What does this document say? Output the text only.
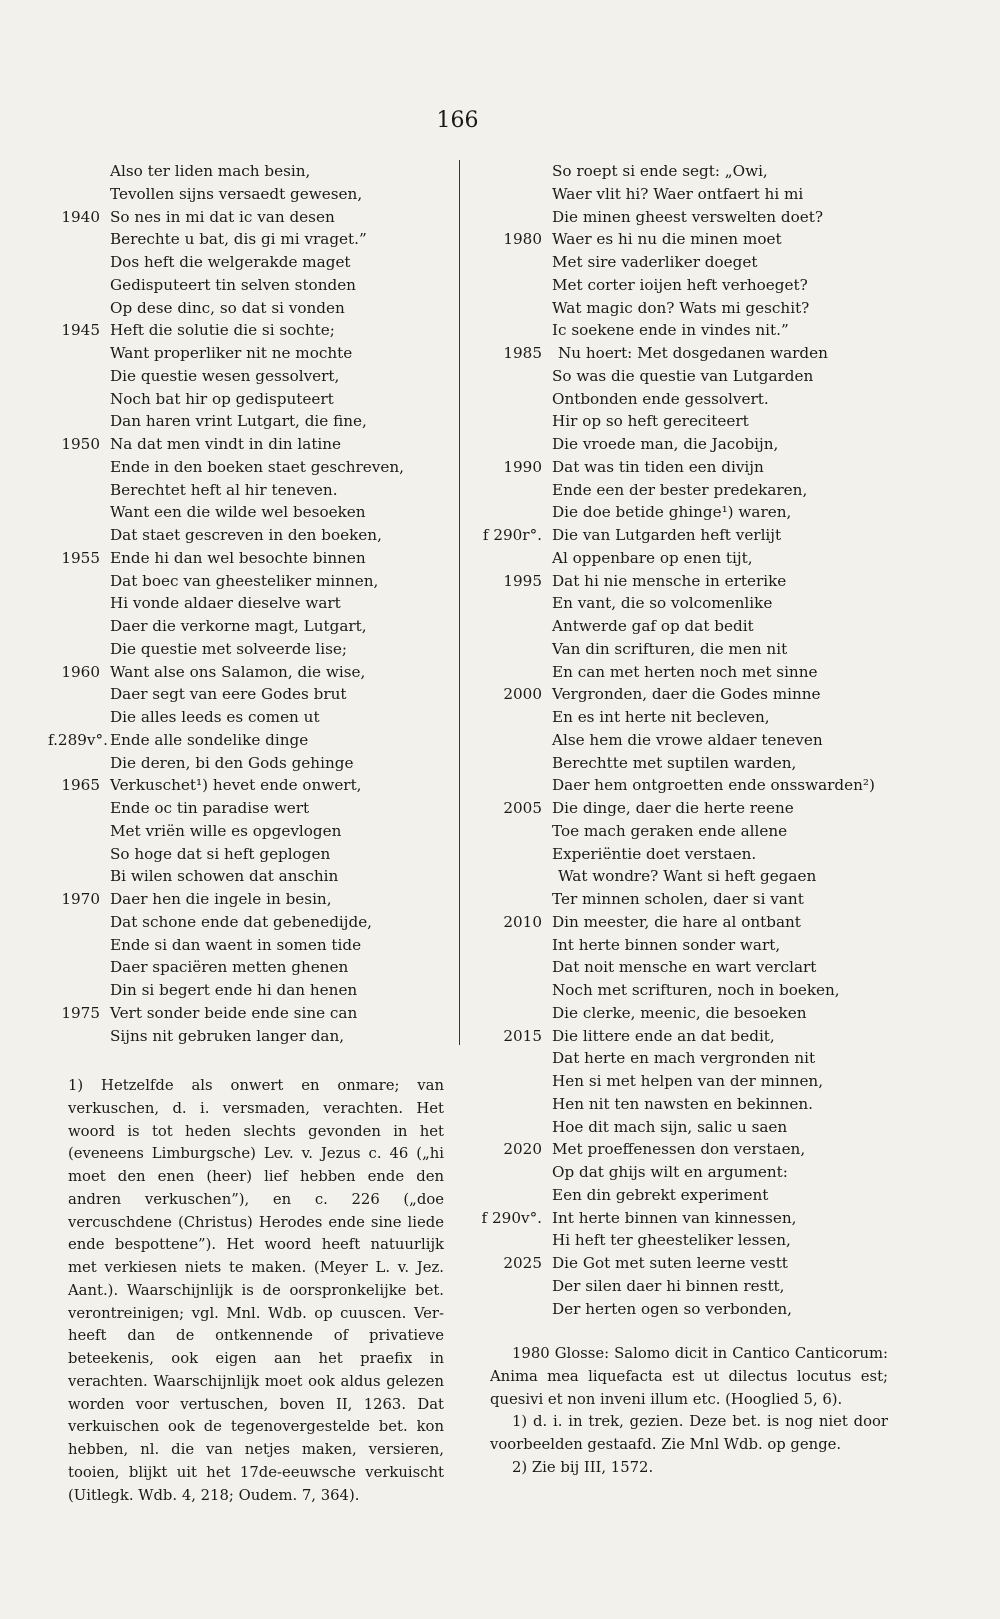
166
Also ter liden mach besin,
Tevollen sijns versaedt gewesen,
1940 So nes in mi dat ic van desen
Berechte u bat, dis gi mi vraget.”
Dos heft die welgerakde maget
Gedisputeert tin selven stonden
Op dese dinc, so dat si vonden
1945 Heft die solutie die si sochte;
Want properliker nit ne mochte
Die questie wesen gessolvert,
Noch bat hir op gedisputeert
Dan haren vrint Lutgart, die fine,
1950 Na dat men vindt in din latine
Ende in den boeken staet geschreven,
Berechtet heft al hir teneven.
Want een die wilde wel besoeken
Dat staet gescreven in den boeken,
1955 Ende hi dan wel besochte binnen
Dat boec van gheesteliker minnen,
Hi vonde aldaer dieselve wart
Daer die verkorne magt, Lutgart,
Die questie met solveerde lise;
1960 Want alse ons Salamon, die wise,
Daer segt van eere Godes brut
Die alles leeds es comen ut
f.289v°. Ende alle sondelike dinge
Die deren, bi den Gods gehinge
1965 Verkuschet¹) hevet ende onwert,
Ende oc tin paradise wert
Met vriën wille es opgevlogen
So hoge dat si heft geplogen
Bi wilen schowen dat anschin
1970 Daer hen die ingele in besin,
Dat schone ende dat gebenedijde,
Ende si dan waent in somen tide
Daer spaciëren metten ghenen
Din si begert ende hi dan henen
1975 Vert sonder beide ende sine can
Sijns nit gebruken langer dan,
So roept si ende segt: „Owi,
Waer vlit hi? Waer ontfaert hi mi
Die minen gheest verswelten doet?
1980 Waer es hi nu die minen moet
Met sire vaderliker doeget
Met corter ioijen heft verhoeget?
Wat magic don? Wats mi geschit?
Ic soekene ende in vindes nit.”
1985	Nu hoert: Met dosgedanen warden
So was die questie van Lutgarden
Ontbonden ende gessolvert.
Hir op so heft gereciteert
Die vroede man, die Jacobijn,
1990 Dat was tin tiden een divijn
Ende een der bester predekaren,
Die doe betide ghinge¹) waren,
f 290r°. Die van Lutgarden heft verlijt
Al oppenbare op enen tijt,
1995 Dat hi nie mensche in erterike
En vant, die so volcomenlike
Antwerde gaf op dat bedit
Van din scrifturen, die men nit
En can met herten noch met sinne
2000 Vergronden, daer die Godes minne
En es int herte nit becleven,
Alse hem die vrowe aldaer teneven
Berechtte met suptilen warden,
Daer hem ontgroetten ende onsswarden²)
2005 Die dinge, daer die herte reene
Toe mach geraken ende allene
Experiëntie doet verstaen.
Wat wondre? Want si heft gegaen
Ter minnen scholen, daer si vant
2010 Din meester, die hare al ontbant
Int herte binnen sonder wart,
Dat noit mensche en wart verclart
Noch met scrifturen, noch in boeken,
Die clerke, meenic, die besoeken
2015 Die littere ende an dat bedit,
Dat herte en mach vergronden nit
Hen si met helpen van der minnen,
Hen nit ten nawsten en bekinnen.
Hoe dit mach sijn, salic u saen
2020 Met proeffenessen don verstaen,
Op dat ghijs wilt en argument:
Een din gebrekt experiment
f 290v°. Int herte binnen van kinnessen,
Hi heft ter gheesteliker lessen,
2025 Die Got met suten leerne vestt
Der silen daer hi binnen restt,
Der herten ogen so verbonden,

1) Hetzelfde als onwert en onmare; van verkuschen, d. i. versmaden, verachten. Het woord is tot heden slechts gevonden in het (eveneens Limburgsche) Lev. v. Jezus c. 46 („hi moet den enen (heer) lief hebben ende den andren verkuschen”), en c. 226 („doe vercuschdene (Christus) Herodes ende sine liede ende bespottene”). Het woord heeft natuurlijk met verkiesen niets te maken. (Meyer L. v. Jez. Aant.). Waarschijnlijk is de oorspronkelijke bet. verontreinigen; vgl. Mnl. Wdb. op cuuscen. Ver- heeft dan de ontkennende of privatieve beteekenis, ook eigen aan het praefix in verachten. Waarschijnlijk moet ook aldus gelezen worden voor vertuschen, boven II, 1263. Dat verkuischen ook de tegenovergestelde bet. kon hebben, nl. die van netjes maken, versieren, tooien, blijkt uit het 17de-eeuwsche verkuischt (Uitlegk. Wdb. 4, 218; Oudem. 7, 364).

1980 Glosse: Salomo dicit in Cantico Canticorum: Anima mea liquefacta est ut dilectus locutus est; quesivi et non inveni illum etc. (Hooglied 5, 6).

1) d. i. in trek, gezien. Deze bet. is nog niet door voorbeelden gestaafd. Zie Mnl Wdb. op genge.

2) Zie bij III, 1572.
